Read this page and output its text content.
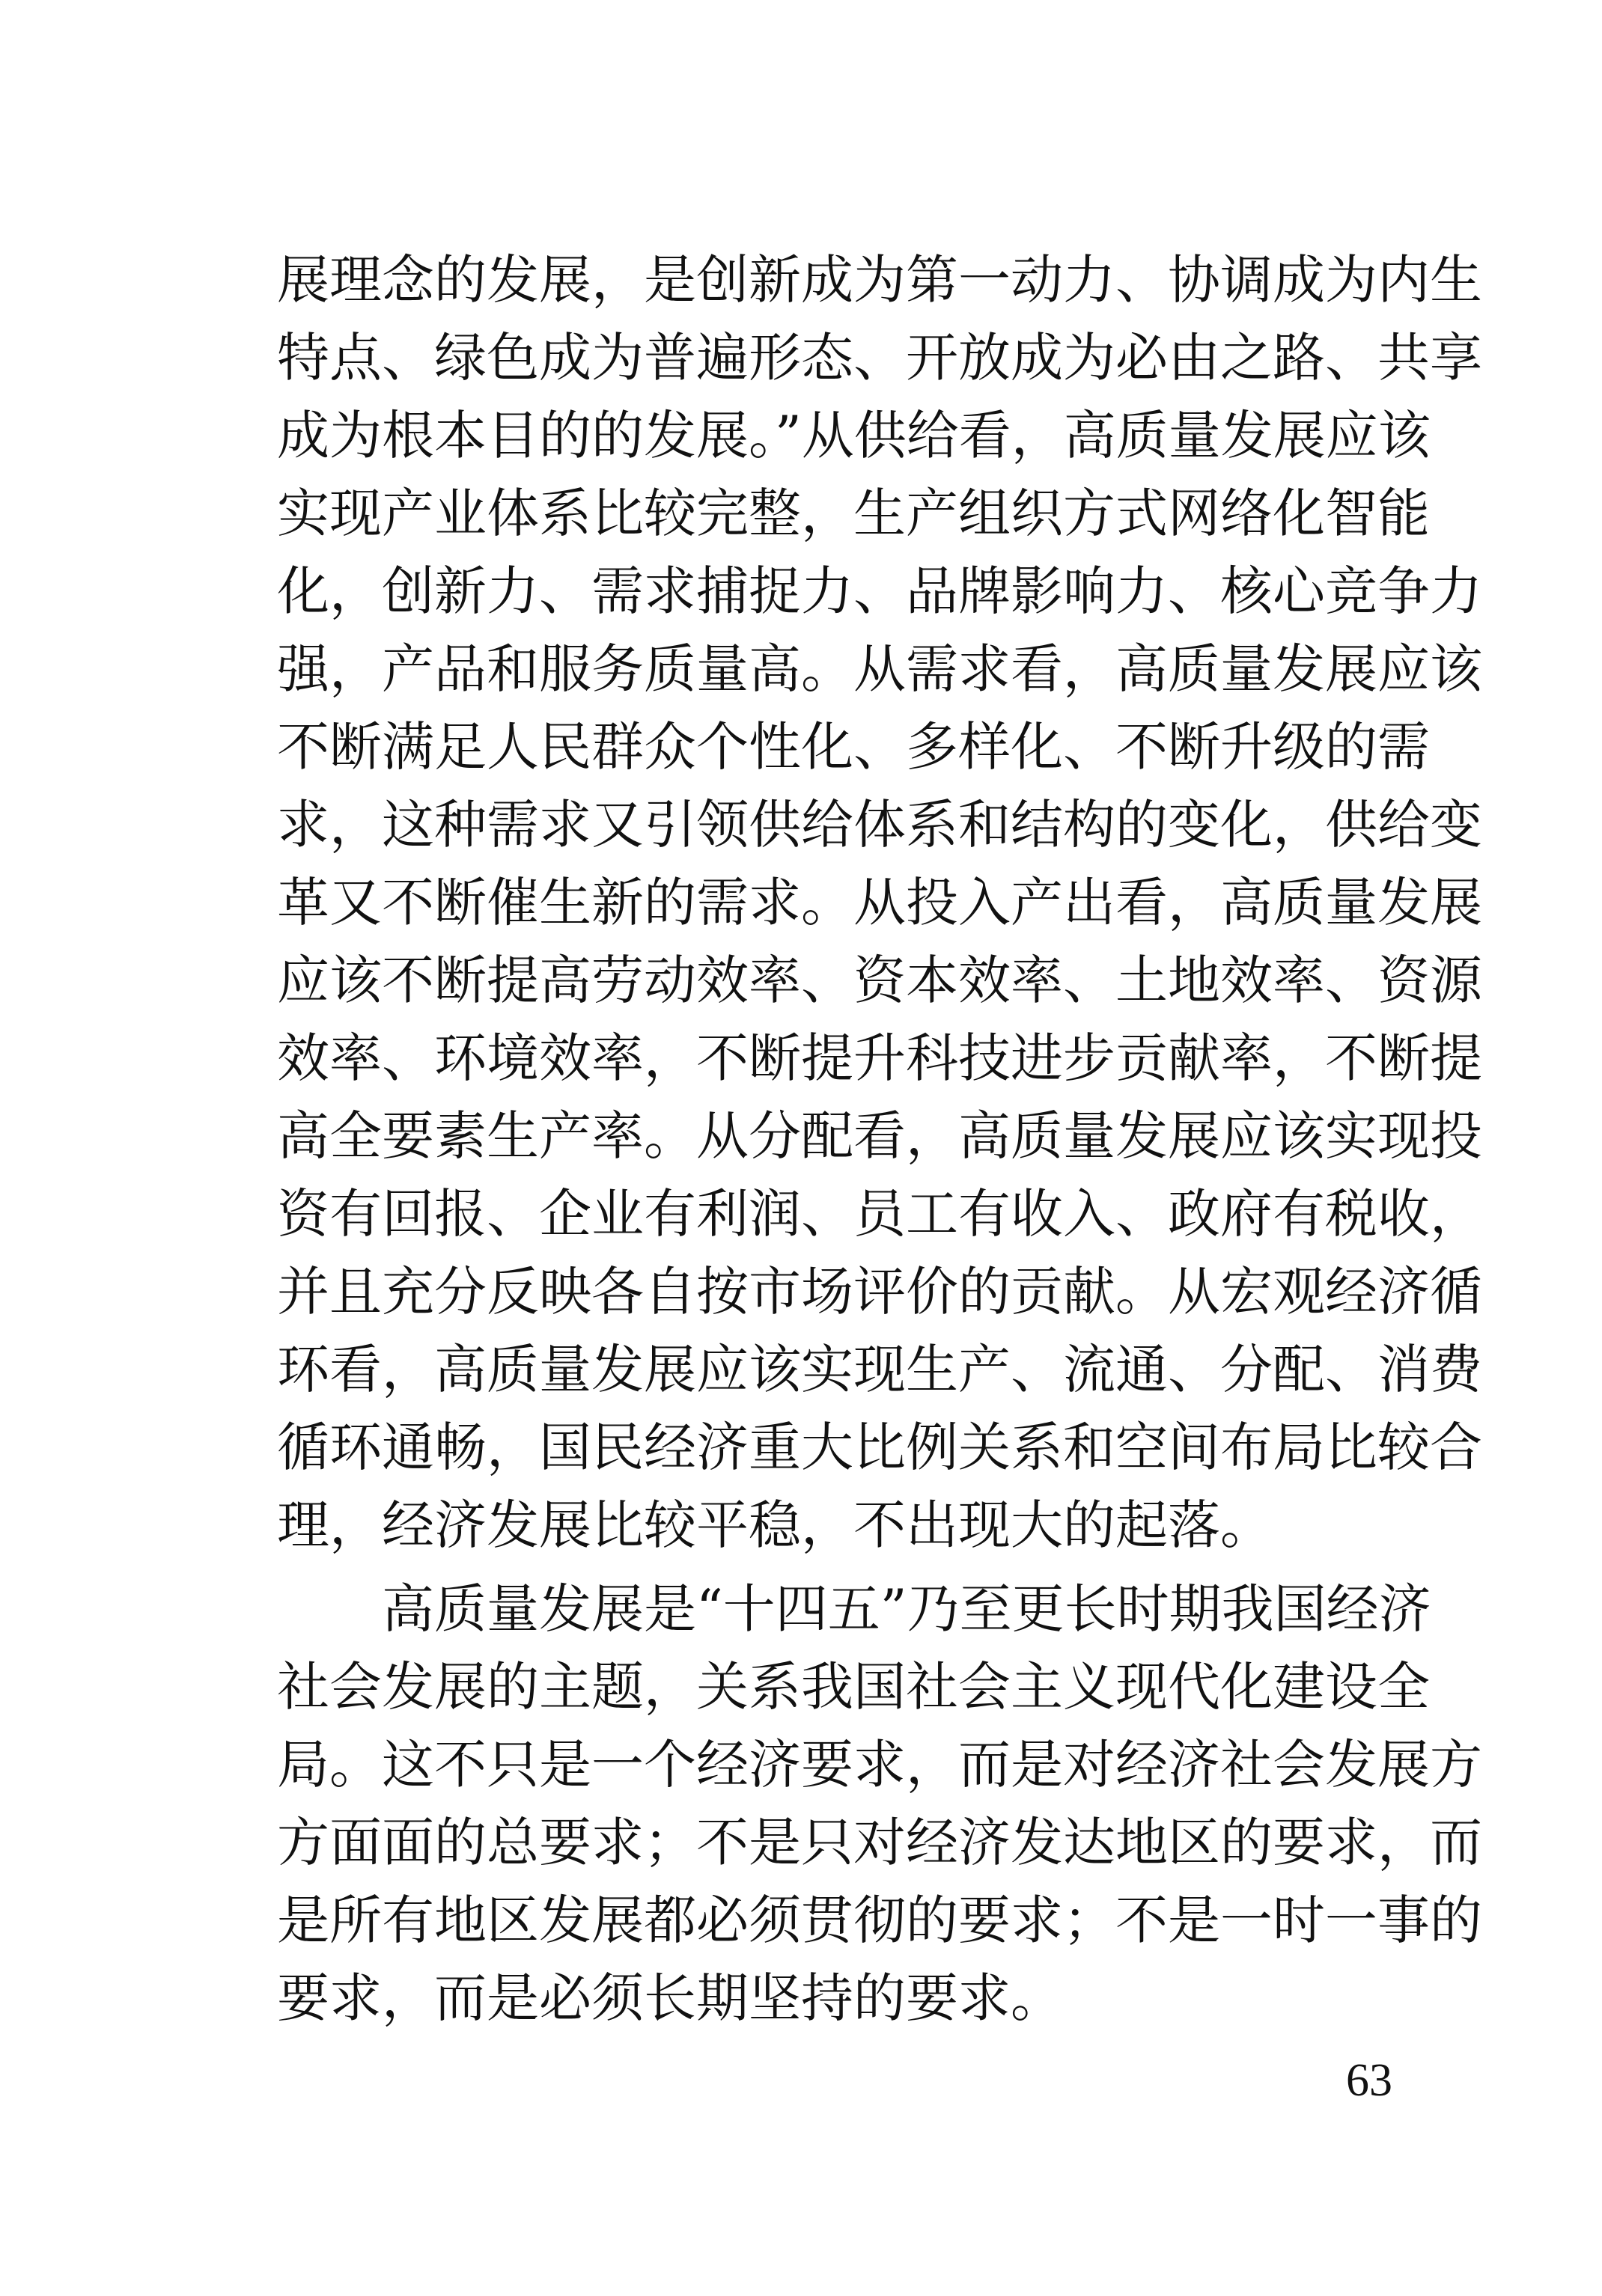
展理念的发展，是创新成为第一动力、协调成为内生
特点、绿色成为普遍形态、开放成为必由之路、共享
成为根本目的的发展。”从供给看，高质量发展应该
实现产业体系比较完整，生产组织方式网络化智能
化，创新力、需求捕捉力、品牌影响力、核心竞争力
强，产品和服务质量高。从需求看，高质量发展应该
不断满足人民群众个性化、多样化、不断升级的需
求，这种需求又引领供给体系和结构的变化，供给变
革又不断催生新的需求。从投入产出看，高质量发展
应该不断提高劳动效率、资本效率、土地效率、资源
效率、环境效率，不断提升科技进步贡献率，不断提
高全要素生产率。从分配看，高质量发展应该实现投
资有回报、企业有利润、员工有收入、政府有税收，
并且充分反映各自按市场评价的贡献。从宏观经济循
环看，高质量发展应该实现生产、流通、分配、消费
循环通畅，国民经济重大比例关系和空间布局比较合
理，经济发展比较平稳，不出现大的起落。
高质量发展是“十四五”乃至更长时期我国经济
社会发展的主题，关系我国社会主义现代化建设全
局。这不只是一个经济要求，而是对经济社会发展方
方面面的总要求；不是只对经济发达地区的要求，而
是所有地区发展都必须贯彻的要求；不是一时一事的
要求，而是必须长期坚持的要求。
63
